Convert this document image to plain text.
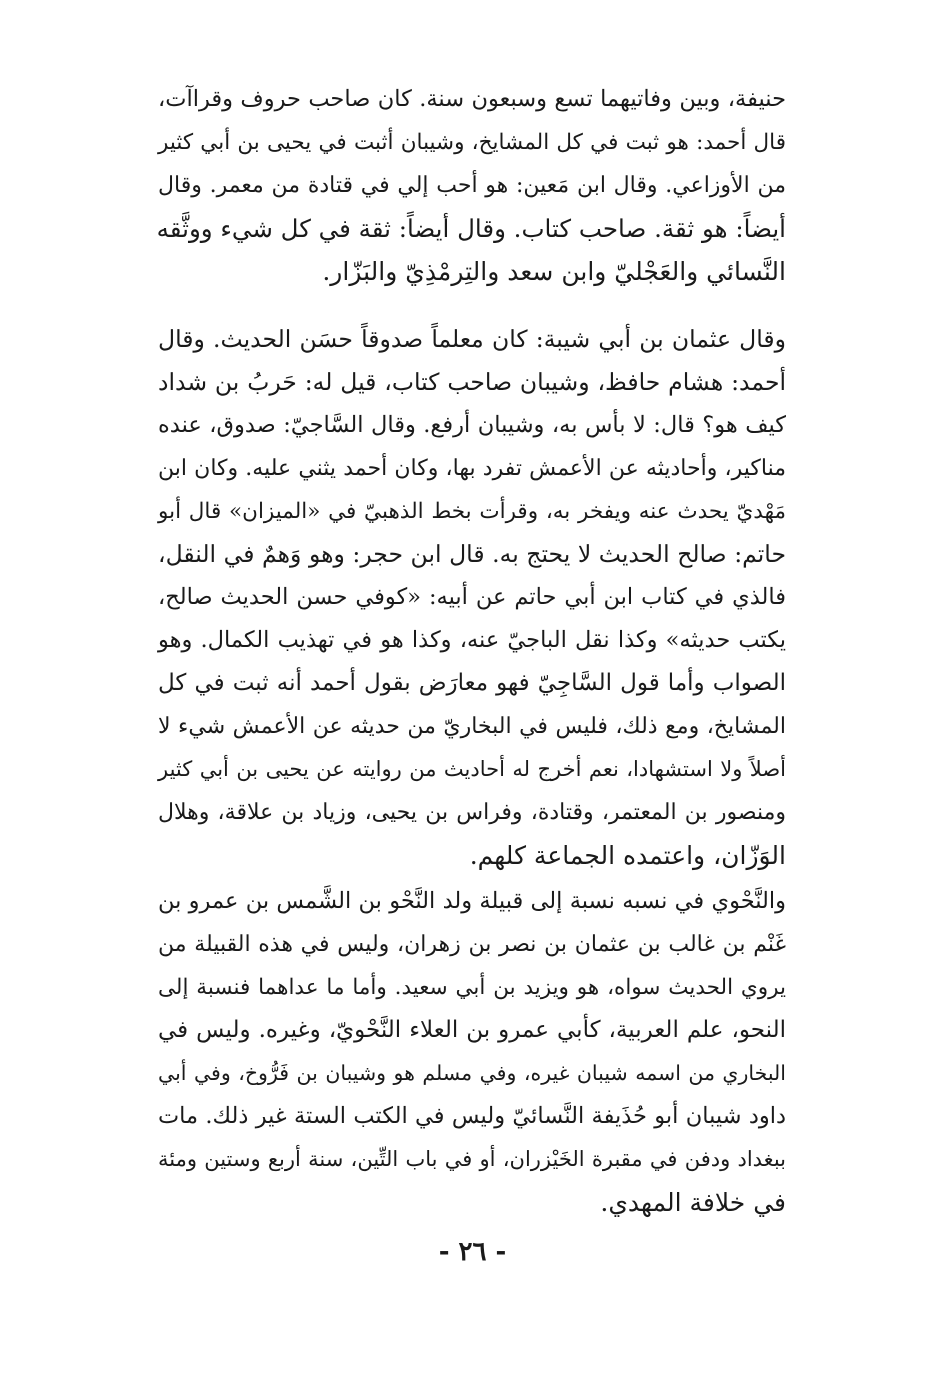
حنيفة، وبين وفاتيهما تسع وسبعون سنة. كان صاحب حروف وقراآت،
قال أحمد: هو ثبت في كل المشايخ، وشيبان أثبت في يحيى بن أبي كثير
من الأوزاعي. وقال ابن مَعين: هو أحب إلي في قتادة من معمر. وقال
أيضاً: هو ثقة. صاحب كتاب. وقال أيضاً: ثقة في كل شيء ووثَّقه
النَّسائي والعَجْليّ وابن سعد والتِرمْذِيّ والبَزّار.
وقال عثمان بن أبي شيبة: كان معلماً صدوقاً حسَن الحديث. وقال
أحمد: هشام حافظ، وشيبان صاحب كتاب، قيل له: حَربُ بن شداد
كيف هو؟ قال: لا بأس به، وشيبان أرفع. وقال السَّاجيّ: صدوق، عنده
مناكير، وأحاديثه عن الأعمش تفرد بها، وكان أحمد يثني عليه. وكان ابن
مَهْديّ يحدث عنه ويفخر به، وقرأت بخط الذهبيّ في «الميزان» قال أبو
حاتم: صالح الحديث لا يحتج به. قال ابن حجر: وهو وَهمٌ في النقل،
فالذي في كتاب ابن أبي حاتم عن أبيه: «كوفي حسن الحديث صالح،
يكتب حديثه» وكذا نقل الباجيّ عنه، وكذا هو في تهذيب الكمال. وهو
الصواب وأما قول السَّاجِيّ فهو معارَض بقول أحمد أنه ثبت في كل
المشايخ، ومع ذلك، فليس في البخاريّ من حديثه عن الأعمش شيء لا
أصلاً ولا استشهادا، نعم أخرج له أحاديث من روايته عن يحيى بن أبي كثير
ومنصور بن المعتمر، وقتادة، وفراس بن يحيى، وزياد بن علاقة، وهلال
الوَزّان، واعتمده الجماعة كلهم.
والنَّحْوي في نسبه نسبة إلى قبيلة ولد النَّحْو بن الشَّمس بن عمرو بن
غَنْم بن غالب بن عثمان بن نصر بن زهران، وليس في هذه القبيلة من
يروي الحديث سواه، هو ويزيد بن أبي سعيد. وأما ما عداهما فنسبة إلى
النحو، علم العربية، كأبي عمرو بن العلاء النَّحْويّ، وغيره. وليس في
البخاري من اسمه شيبان غيره، وفي مسلم هو وشيبان بن فَرُّوخ، وفي أبي
داود شيبان أبو حُذَيفة النَّسائيّ وليس في الكتب الستة غير ذلك. مات
ببغداد ودفن في مقبرة الخَيْزران، أو في باب التِّين، سنة أربع وستين ومئة
في خلافة المهدي.
- ٢٦ -
